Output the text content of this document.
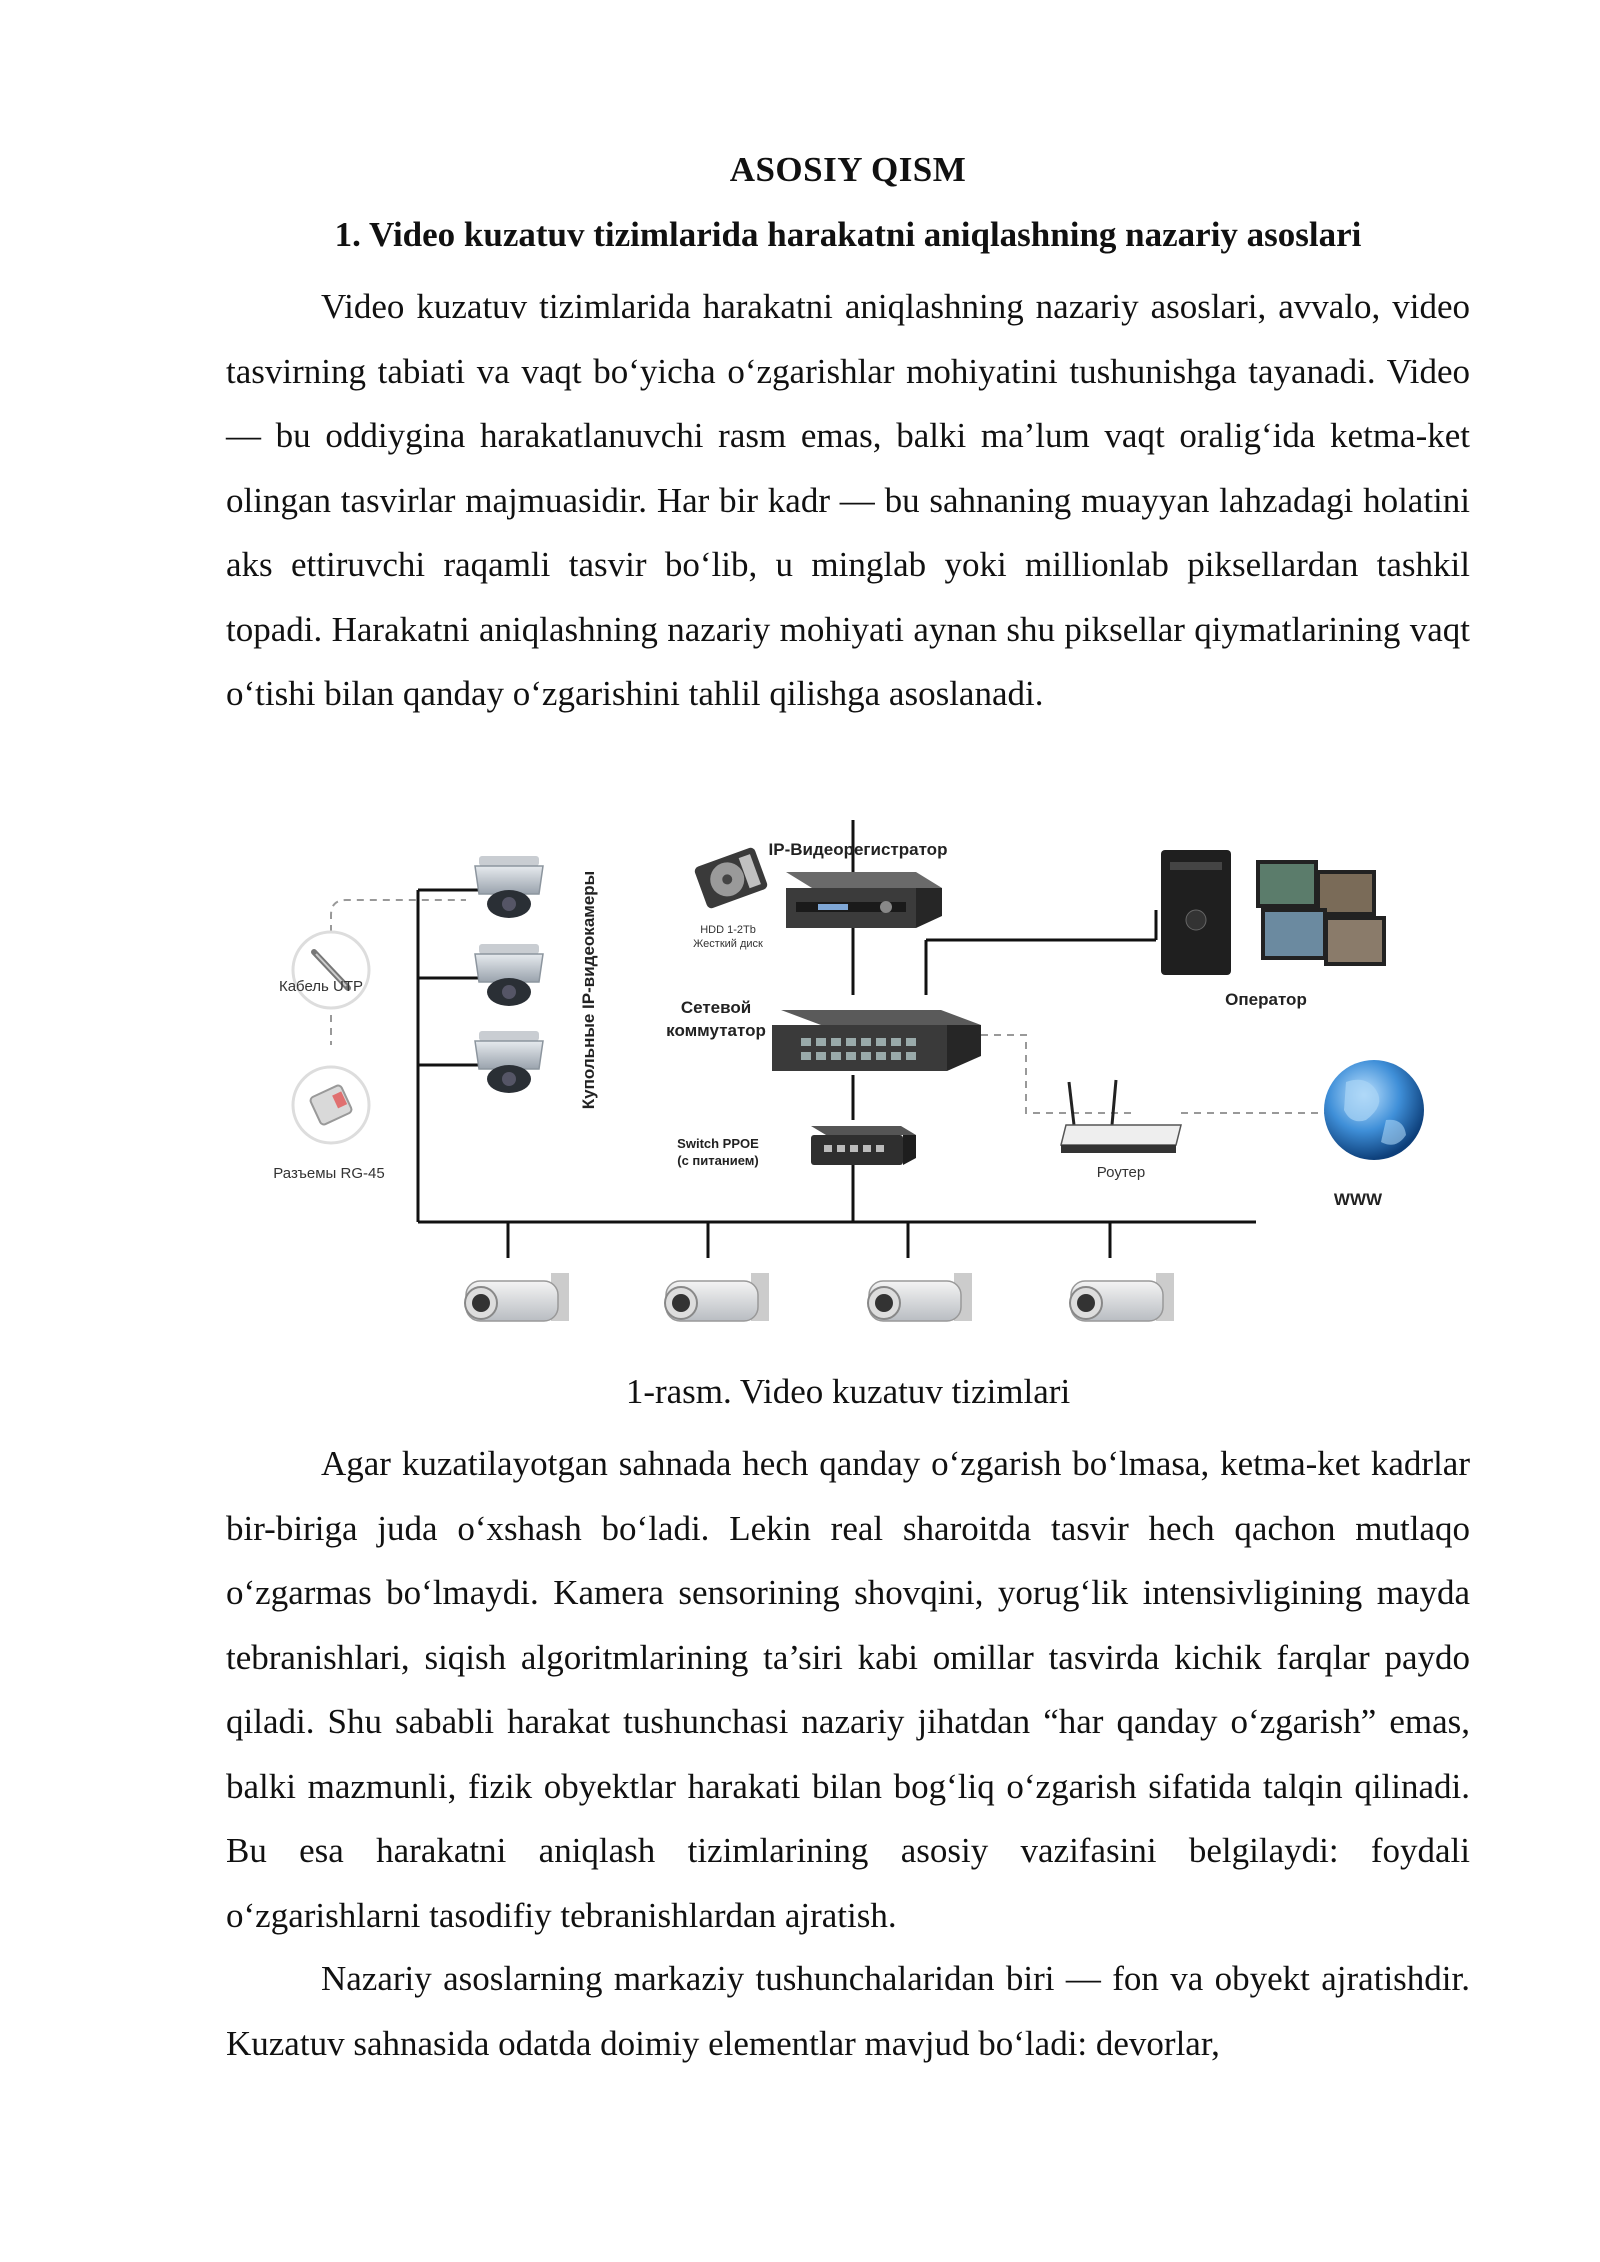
ASOSIY QISM
1. Video kuzatuv tizimlarida harakatni aniqlashning nazariy asoslari

Video kuzatuv tizimlarida harakatni aniqlashning nazariy asoslari, avvalo, video tasvirning tabiati va vaqt bo‘yicha o‘zgarishlar mohiyatini tushunishga tayanadi. Video — bu oddiygina harakatlanuvchi rasm emas, balki ma’lum vaqt oralig‘ida ketma-ket olingan tasvirlar majmuasidir. Har bir kadr — bu sahnaning muayyan lahzadagi holatini aks ettiruvchi raqamli tasvir bo‘lib, u minglab yoki millionlab piksellardan tashkil topadi. Harakatni aniqlashning nazariy mohiyati aynan shu piksellar qiymatlarining vaqt o‘tishi bilan qanday o‘zgarishini tahlil qilishga asoslanadi.

Кабель UTP
Разъемы RG-45
Купольные IP-видеокамеры	HDD 1-2Tb
Жесткий диск
IP-Видеорегистратор
Сетевой
коммутатор
Switch PPOE
(с питанием)
Роутер
Оператор
WWW

1-rasm. Video kuzatuv tizimlari

Agar kuzatilayotgan sahnada hech qanday o‘zgarish bo‘lmasa, ketma-ket kadrlar bir-biriga juda o‘xshash bo‘ladi. Lekin real sharoitda tasvir hech qachon mutlaqo o‘zgarmas bo‘lmaydi. Kamera sensorining shovqini, yorug‘lik intensivligining mayda tebranishlari, siqish algoritmlarining ta’siri kabi omillar tasvirda kichik farqlar paydo qiladi. Shu sababli harakat tushunchasi nazariy jihatdan “har qanday o‘zgarish” emas, balki mazmunli, fizik obyektlar harakati bilan bog‘liq o‘zgarish sifatida talqin qilinadi. Bu esa harakatni aniqlash tizimlarining asosiy vazifasini belgilaydi: foydali o‘zgarishlarni tasodifiy tebranishlardan ajratish.

Nazariy asoslarning markaziy tushunchalaridan biri — fon va obyekt ajratishdir. Kuzatuv sahnasida odatda doimiy elementlar mavjud bo‘ladi: devorlar,
